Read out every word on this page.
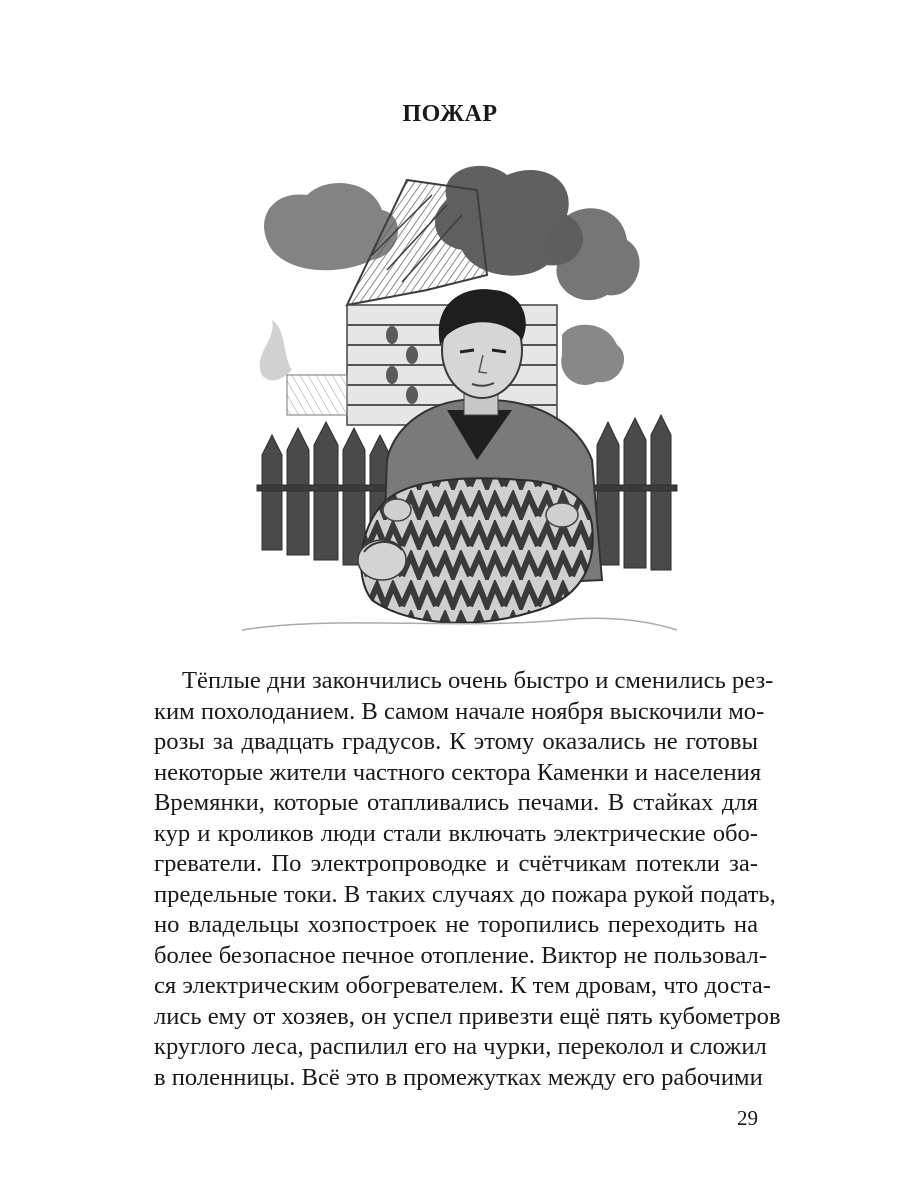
ПОЖАР
Тёплые дни закончились очень быстро и сменились рез-
ким похолоданием. В самом начале ноября выскочили мо-
розы за двадцать градусов. К этому оказались не готовы
некоторые жители частного сектора Каменки и населения
Времянки, которые отапливались печами. В стайках для
кур и кроликов люди стали включать электрические обо-
греватели. По электропроводке и счётчикам потекли за-
предельные токи. В таких случаях до пожара рукой подать,
но владельцы хозпостроек не торопились переходить на
более безопасное печное отопление. Виктор не пользовал-
ся электрическим обогревателем. К тем дровам, что доста-
лись ему от хозяев, он успел привезти ещё пять кубометров
круглого леса, распилил его на чурки, переколол и сложил
в поленницы. Всё это в промежутках между его рабочими
29
